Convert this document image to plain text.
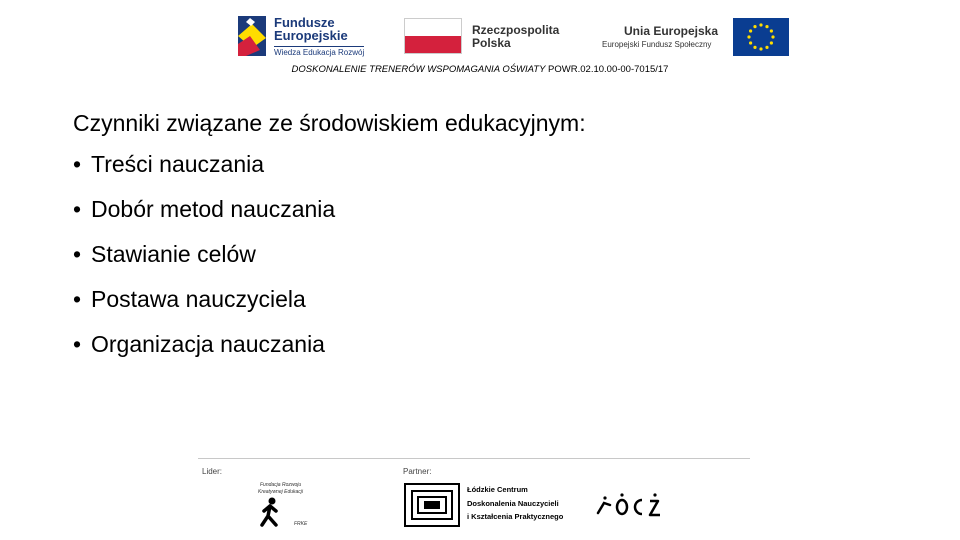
Fundusze
Europejskie
Wiedza Edukacja Rozwój
Rzeczpospolita
Polska
Unia Europejska
Europejski Fundusz Społeczny
DOSKONALENIE TRENERÓW WSPOMAGANIA OŚWIATY POWR.02.10.00-00-7015/17
Czynniki związane ze środowiskiem edukacyjnym:
• Treści nauczania
• Dobór metod nauczania
• Stawianie celów
• Postawa nauczyciela
• Organizacja nauczania
Lider:	Partner:
Fundacja Rozwoju
Kreatywnej Edukacji
FRKE
Łódzkie Centrum
Doskonalenia Nauczycieli
i Kształcenia Praktycznego
